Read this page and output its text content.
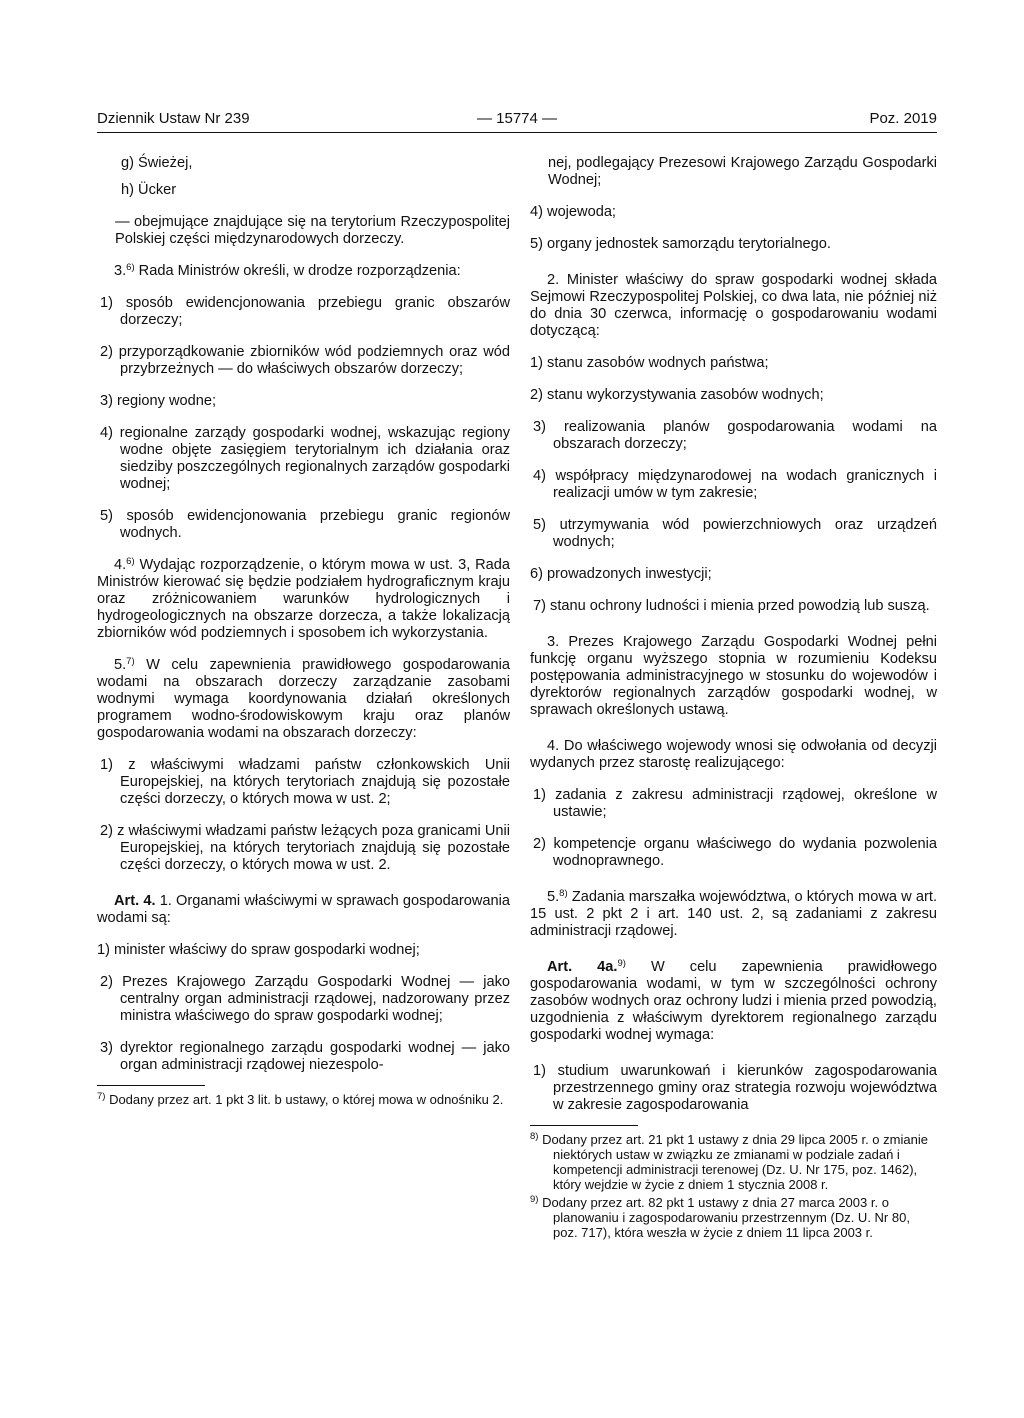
Dziennik Ustaw Nr 239	— 15774 —	Poz. 2019

g) Świeżej,

h) Ücker

— obejmujące znajdujące się na terytorium Rzeczypospolitej Polskiej części międzynarodowych dorzeczy.

3.$^{6)}$ Rada Ministrów określi, w drodze rozporządzenia:

1) sposób ewidencjonowania przebiegu granic obszarów dorzeczy;

2) przyporządkowanie zbiorników wód podziemnych oraz wód przybrzeżnych — do właściwych obszarów dorzeczy;

3) regiony wodne;

4) regionalne zarządy gospodarki wodnej, wskazując regiony wodne objęte zasięgiem terytorialnym ich działania oraz siedziby poszczególnych regionalnych zarządów gospodarki wodnej;

5) sposób ewidencjonowania przebiegu granic regionów wodnych.

4.$^{6)}$ Wydając rozporządzenie, o którym mowa w ust. 3, Rada Ministrów kierować się będzie podziałem hydrograficznym kraju oraz zróżnicowaniem warunków hydrologicznych i hydrogeologicznych na obszarze dorzecza, a także lokalizacją zbiorników wód podziemnych i sposobem ich wykorzystania.

5.$^{7)}$ W celu zapewnienia prawidłowego gospodarowania wodami na obszarach dorzeczy zarządzanie zasobami wodnymi wymaga koordynowania działań określonych programem wodno-środowiskowym kraju oraz planów gospodarowania wodami na obszarach dorzeczy:

1) z właściwymi władzami państw członkowskich Unii Europejskiej, na których terytoriach znajdują się pozostałe części dorzeczy, o których mowa w ust. 2;

2) z właściwymi władzami państw leżących poza granicami Unii Europejskiej, na których terytoriach znajdują się pozostałe części dorzeczy, o których mowa w ust. 2.

Art. 4. 1. Organami właściwymi w sprawach gospodarowania wodami są:

1) minister właściwy do spraw gospodarki wodnej;

2) Prezes Krajowego Zarządu Gospodarki Wodnej — jako centralny organ administracji rządowej, nadzorowany przez ministra właściwego do spraw gospodarki wodnej;

3) dyrektor regionalnego zarządu gospodarki wodnej — jako organ administracji rządowej niezespolo-

$^{7)}$ Dodany przez art. 1 pkt 3 lit. b ustawy, o której mowa w odnośniku 2.

nej, podlegający Prezesowi Krajowego Zarządu Gospodarki Wodnej;

4) wojewoda;

5) organy jednostek samorządu terytorialnego.

2. Minister właściwy do spraw gospodarki wodnej składa Sejmowi Rzeczypospolitej Polskiej, co dwa lata, nie później niż do dnia 30 czerwca, informację o gospodarowaniu wodami dotyczącą:

1) stanu zasobów wodnych państwa;

2) stanu wykorzystywania zasobów wodnych;

3) realizowania planów gospodarowania wodami na obszarach dorzeczy;

4) współpracy międzynarodowej na wodach granicznych i realizacji umów w tym zakresie;

5) utrzymywania wód powierzchniowych oraz urządzeń wodnych;

6) prowadzonych inwestycji;

7) stanu ochrony ludności i mienia przed powodzią lub suszą.

3. Prezes Krajowego Zarządu Gospodarki Wodnej pełni funkcję organu wyższego stopnia w rozumieniu Kodeksu postępowania administracyjnego w stosunku do wojewodów i dyrektorów regionalnych zarządów gospodarki wodnej, w sprawach określonych ustawą.

4. Do właściwego wojewody wnosi się odwołania od decyzji wydanych przez starostę realizującego:

1) zadania z zakresu administracji rządowej, określone w ustawie;

2) kompetencje organu właściwego do wydania pozwolenia wodnoprawnego.

5.$^{8)}$ Zadania marszałka województwa, o których mowa w art. 15 ust. 2 pkt 2 i art. 140 ust. 2, są zadaniami z zakresu administracji rządowej.

Art. 4a.$^{9)}$ W celu zapewnienia prawidłowego gospodarowania wodami, w tym w szczególności ochrony zasobów wodnych oraz ochrony ludzi i mienia przed powodzią, uzgodnienia z właściwym dyrektorem regionalnego zarządu gospodarki wodnej wymaga:

1) studium uwarunkowań i kierunków zagospodarowania przestrzennego gminy oraz strategia rozwoju województwa w zakresie zagospodarowania

$^{8)}$ Dodany przez art. 21 pkt 1 ustawy z dnia 29 lipca 2005 r. o zmianie niektórych ustaw w związku ze zmianami w podziale zadań i kompetencji administracji terenowej (Dz. U. Nr 175, poz. 1462), który wejdzie w życie z dniem 1 stycznia 2008 r.

$^{9)}$ Dodany przez art. 82 pkt 1 ustawy z dnia 27 marca 2003 r. o planowaniu i zagospodarowaniu przestrzennym (Dz. U. Nr 80, poz. 717), która weszła w życie z dniem 11 lipca 2003 r.
